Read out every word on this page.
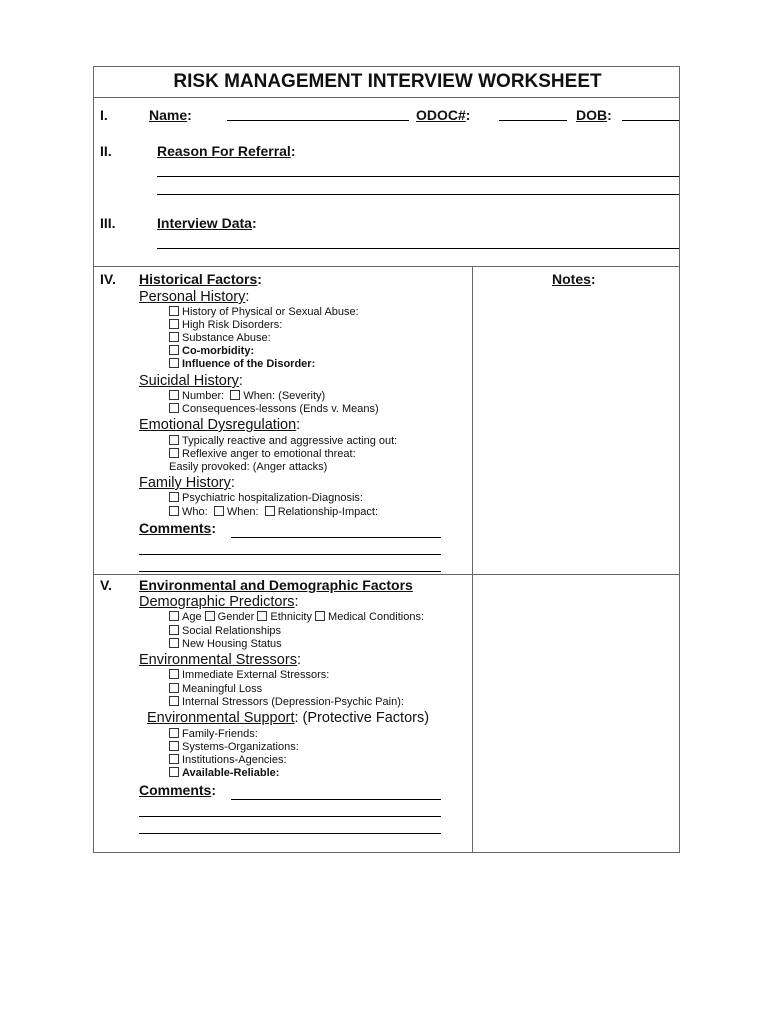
RISK MANAGEMENT INTERVIEW WORKSHEET
I.	Name:	ODOC#:	DOB:
II.	Reason For Referral:
III.	Interview Data:
IV. Historical Factors:	Notes:
Personal History:
History of Physical or Sexual Abuse:
High Risk Disorders:
Substance Abuse:
Co-morbidity:
Influence of the Disorder:
Suicidal History:
Number: When: (Severity)
Consequences-lessons (Ends v. Means)
Emotional Dysregulation:
Typically reactive and aggressive acting out:
Reflexive anger to emotional threat:
Easily provoked: (Anger attacks)
Family History:
Psychiatric hospitalization-Diagnosis:
Who: When: Relationship-Impact:
Comments:
V. Environmental and Demographic Factors
Demographic Predictors:
Age Gender Ethnicity Medical Conditions:
Social Relationships
New Housing Status
Environmental Stressors:
Immediate External Stressors:
Meaningful Loss
Internal Stressors (Depression-Psychic Pain):
Environmental Support: (Protective Factors)
Family-Friends:
Systems-Organizations:
Institutions-Agencies:
Available-Reliable:
Comments:
